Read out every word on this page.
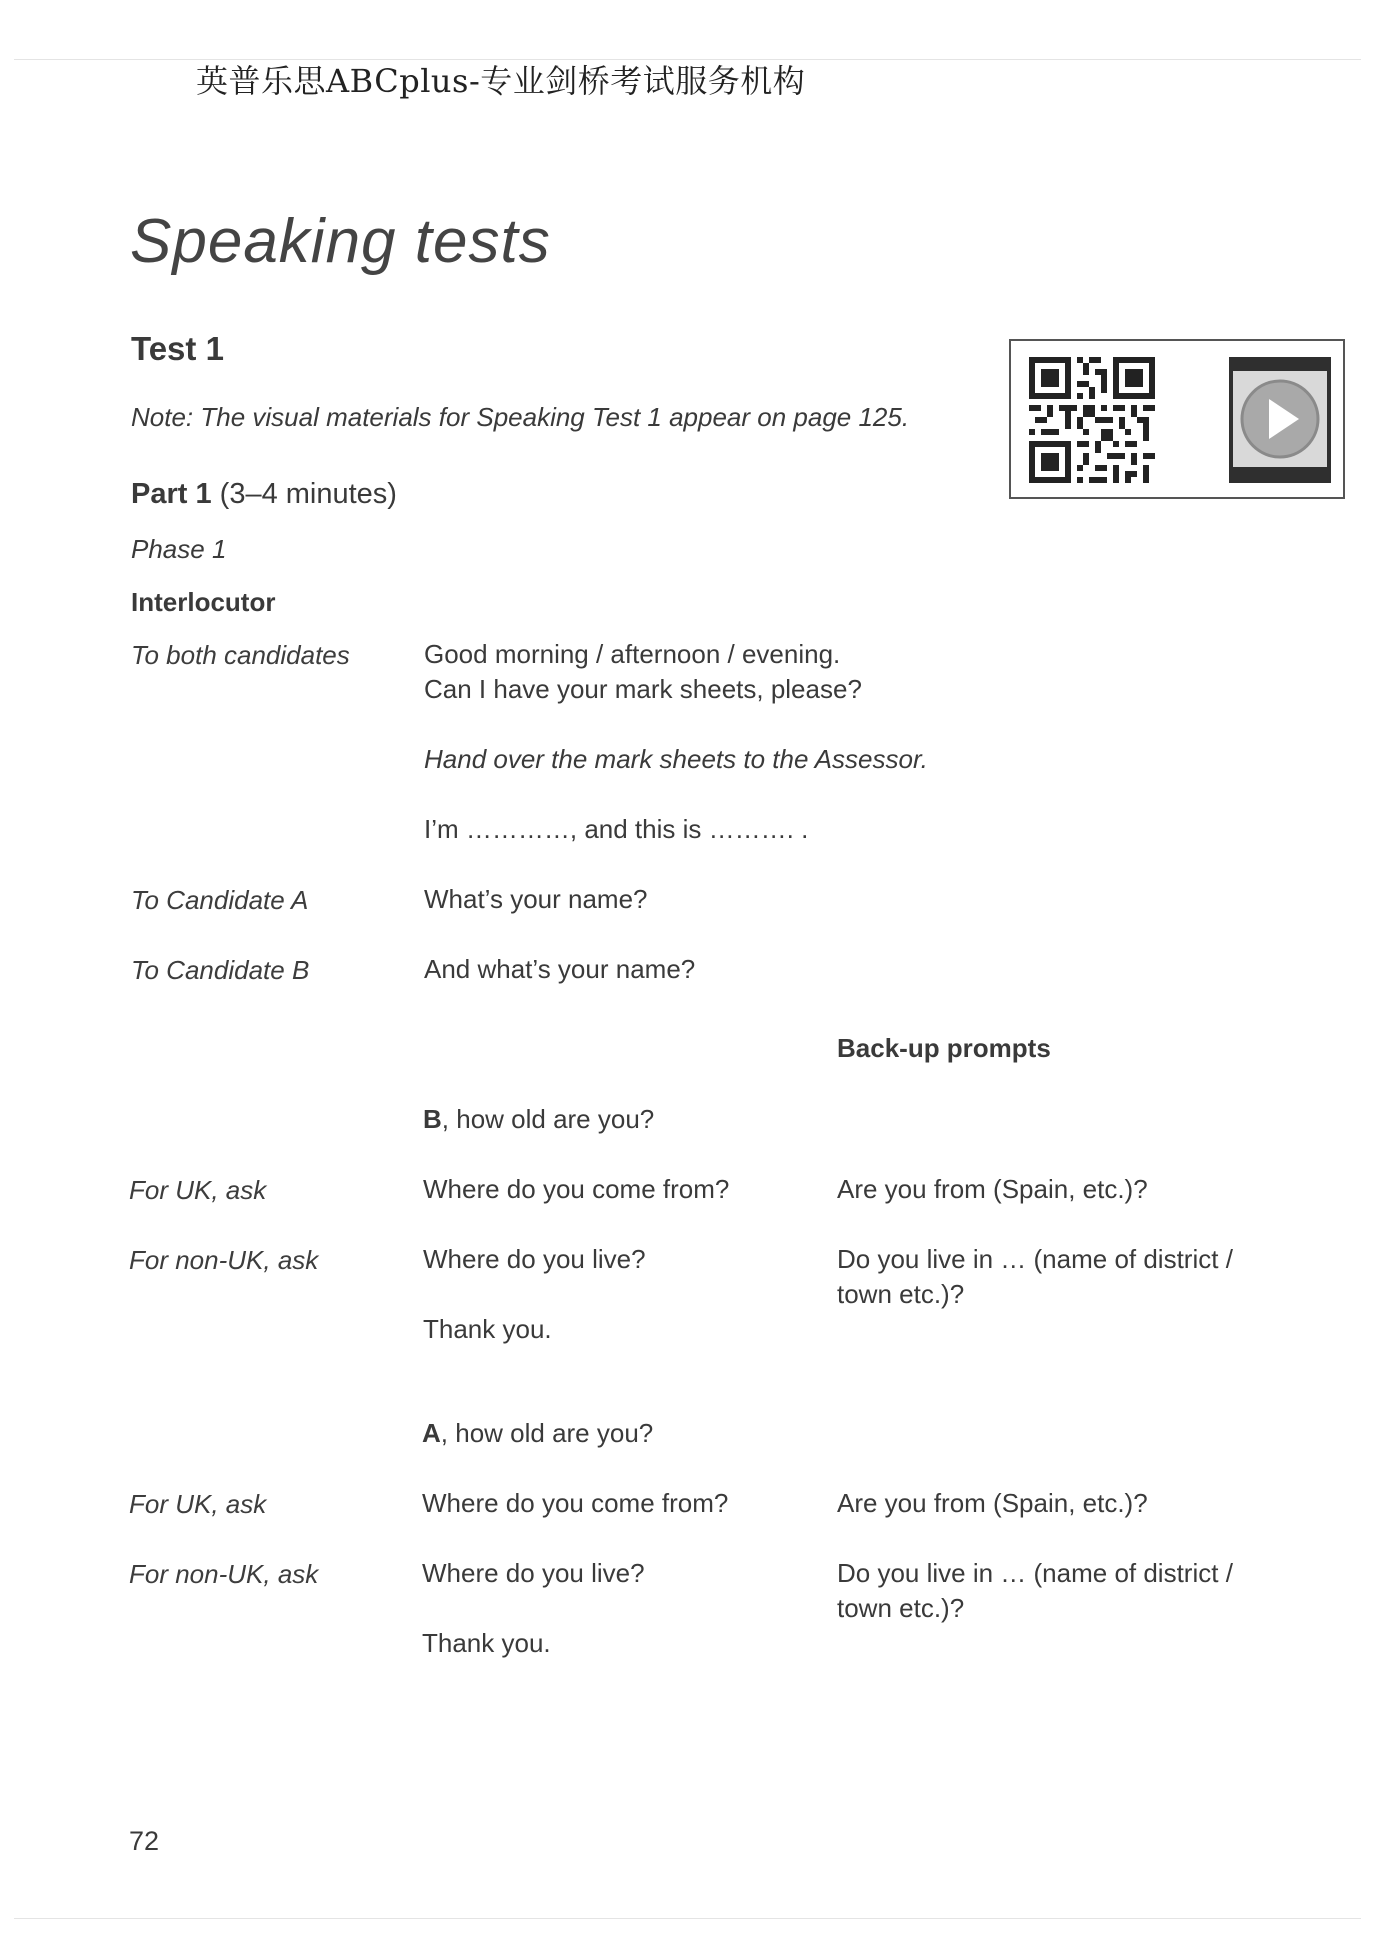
英普乐思ABCplus-专业剑桥考试服务机构
Speaking tests
Test 1
Note: The visual materials for Speaking Test 1 appear on page 125.
Part 1 (3–4 minutes)
Phase 1
Interlocutor
To both candidates	Good morning / afternoon / evening.
Can I have your mark sheets, please?
Hand over the mark sheets to the Assessor.
I’m …………, and this is ………. .
To Candidate A	What’s your name?
To Candidate B	And what’s your name?
Back-up prompts
B, how old are you?
For UK, ask	Where do you come from?	Are you from (Spain, etc.)?
For non-UK, ask	Where do you live?	Do you live in … (name of district /
town etc.)?
Thank you.
A, how old are you?
For UK, ask	Where do you come from?	Are you from (Spain, etc.)?
For non-UK, ask	Where do you live?	Do you live in … (name of district /
town etc.)?
Thank you.
72
